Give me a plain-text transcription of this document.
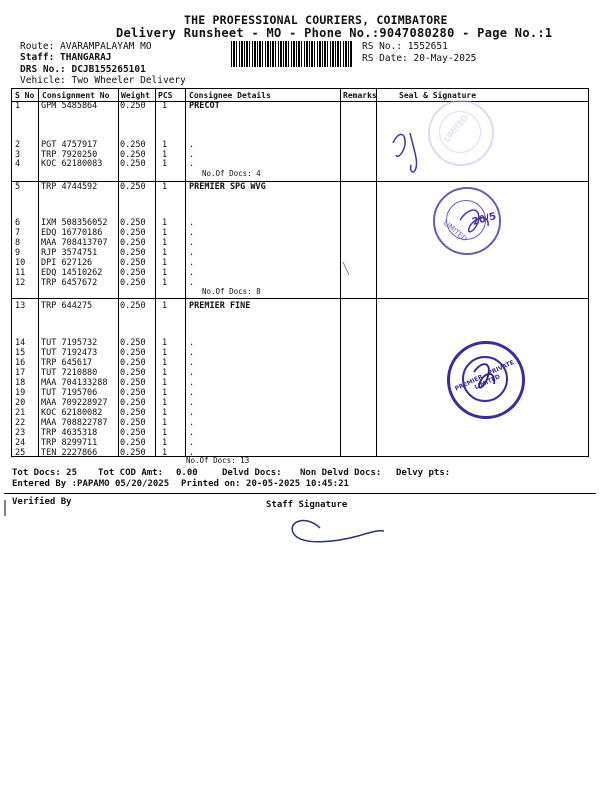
THE PROFESSIONAL COURIERS, COIMBATORE
Delivery Runsheet - MO - Phone No.:9047080280 - Page No.:1
Route: AVARAMPALAYAM MO
Staff: THANGARAJ
DRS No.: DCJB155265101
Vehicle: Two Wheeler Delivery
RS No.: 1552651
RS Date: 20-May-2025
S No Consignment No Weight PCS Consignee Details	Remarks	Seal & Signature
1 GPM 5485864	0.250 1	PRECOT
2 PGT 4757917	0.250 1	.
3 TRP 7920250	0.250 1	.
4 KOC 62180083 0.250 1	.
5 TRP 4744592	0.250 1	PREMIER SPG WVG
6 IXM 508356052 0.250 1	.
7 EDQ 16770186 0.250 1	.
8 MAA 708413707 0.250 1	.
9 RJP 3574751	0.250 1	.
10 DPI 627126	0.250 1	.
11 EDQ 14510262 0.250 1	.
12 TRP 6457672	0.250 1	.
13 TRP 644275	0.250 1	PREMIER FINE
14 TUT 7195732	0.250 1	.
15 TUT 7192473	0.250 1	.
16 TRP 645617	0.250 1	.
17 TUT 7210880	0.250 1	.
18 MAA 704133288 0.250 1	.
19 TUT 7195706	0.250 1	.
20 MAA 709228927 0.250 1	.
21 KOC 62180082 0.250 1	.
22 MAA 708822787 0.250 1	.
23 TRP 4635318	0.250 1	.
24 TRP 8299711	0.250 1	.
25 TEN 2227866	0.250 1	.
No.Of Docs: 4
No.Of Docs: 8
No.Of Docs: 13
LIMITED
LIMITED
PREMIER · PRIVATE LIMITED
20/5
Tot Docs: 25 Tot COD Amt: 0.00	Delvd Docs: Non Delvd Docs: Delvy pts:
Entered By :PAPAMO 05/20/2025 Printed on: 20-05-2025 10:45:21
Verified By	Staff Signature
